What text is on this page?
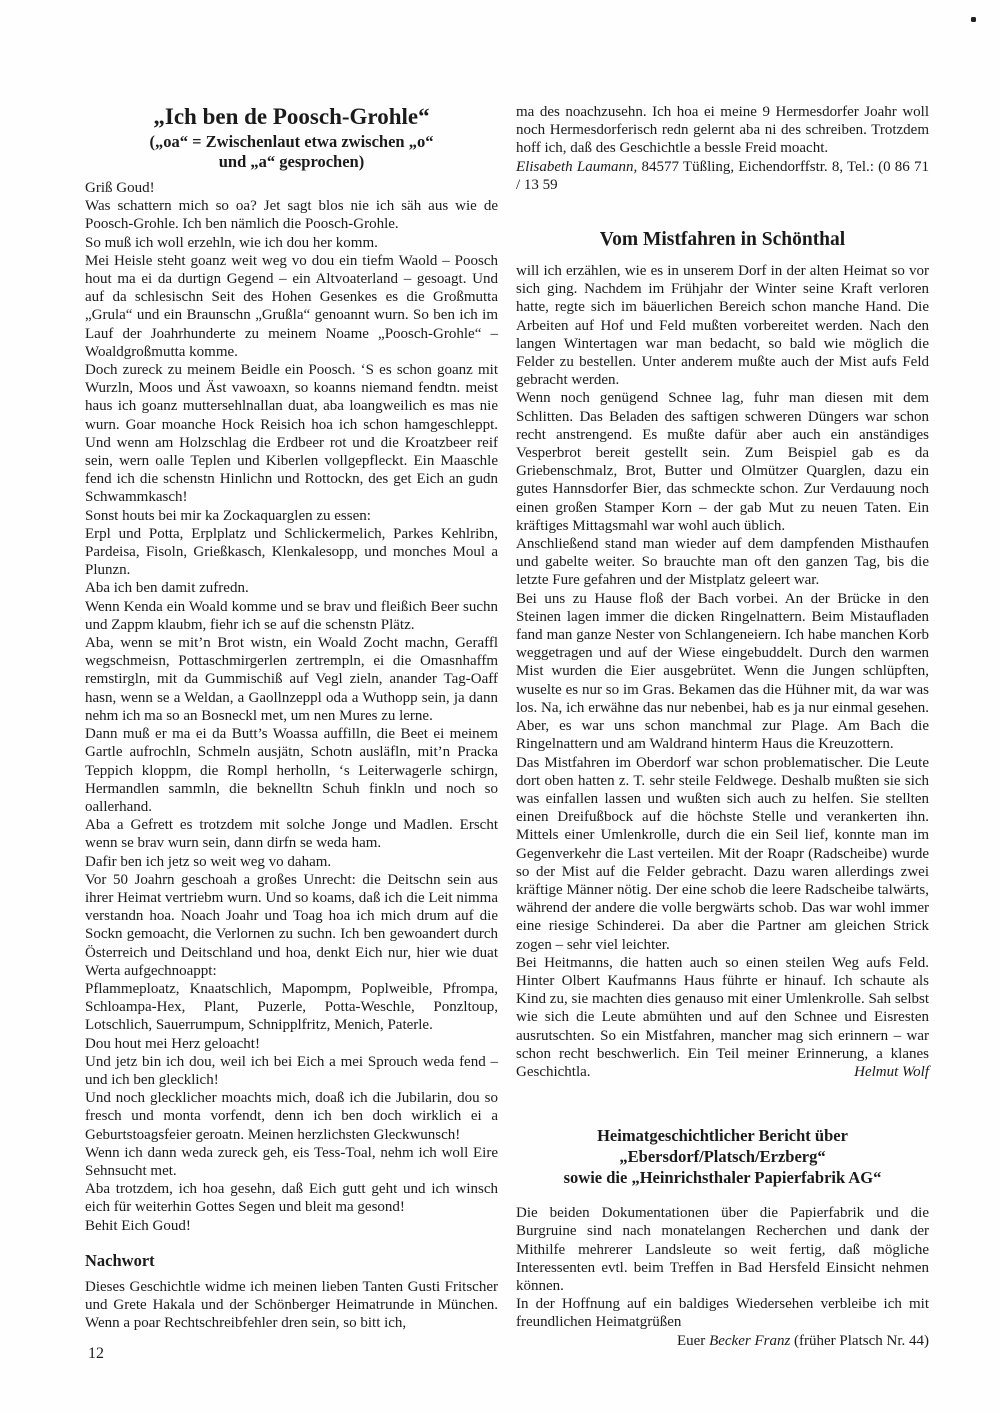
„Ich ben de Poosch-Grohle“
(„oa“ = Zwischenlaut etwa zwischen „o“
und „a“ gesprochen)
Griß Goud!
Was schattern mich so oa? Jet sagt blos nie ich säh aus wie de Poosch-Grohle. Ich ben nämlich die Poosch-Grohle.
So muß ich woll erzehln, wie ich dou her komm.
Mei Heisle steht goanz weit weg vo dou ein tiefm Waold – Poosch hout ma ei da durtign Gegend – ein Altvoaterland – gesoagt. Und auf da schlesischn Seit des Hohen Gesenkes es die Großmutta „Grula“ und ein Braunschn „Grußla“ genoannt wurn. So ben ich im Lauf der Joahrhunderte zu meinem Noame „Poosch-Grohle“ – Woaldgroßmutta komme.
Doch zureck zu meinem Beidle ein Poosch. ‘S es schon goanz mit Wurzln, Moos und Äst vawoaxn, so koanns niemand fendtn. meist haus ich goanz muttersehlnallan duat, aba loangweilich es mas nie wurn. Goar moanche Hock Reisich hoa ich schon hamgeschleppt. Und wenn am Holzschlag die Erdbeer rot und die Kroatzbeer reif sein, wern oalle Teplen und Kiberlen vollgepfleckt. Ein Maaschle fend ich die schenstn Hinlichn und Rottockn, des get Eich an gudn Schwammkasch!
Sonst houts bei mir ka Zockaquarglen zu essen:
Erpl und Potta, Erplplatz und Schlickermelich, Parkes Kehlribn, Pardeisa, Fisoln, Grießkasch, Klenkalesopp, und monches Moul a Plunzn.
Aba ich ben damit zufredn.
Wenn Kenda ein Woald komme und se brav und fleißich Beer suchn und Zappm klaubm, fiehr ich se auf die schenstn Plätz.
Aba, wenn se mit’n Brot wistn, ein Woald Zocht machn, Geraffl wegschmeisn, Pottaschmirgerlen zertrempln, ei die Omasnhaffm remstirgln, mit da Gummischiß auf Vegl zieln, anander Tag-Oaff hasn, wenn se a Weldan, a Gaollnzeppl oda a Wuthopp sein, ja dann nehm ich ma so an Bosneckl met, um nen Mures zu lerne.
Dann muß er ma ei da Butt’s Woassa auffilln, die Beet ei meinem Gartle aufrochln, Schmeln ausjätn, Schotn ausläfln, mit’n Pracka Teppich kloppm, die Rompl herholln, ‘s Leiterwagerle schirgn, Hermandlen sammln, die beknelltn Schuh finkln und noch so oallerhand.
Aba a Gefrett es trotzdem mit solche Jonge und Madlen. Erscht wenn se brav wurn sein, dann dirfn se weda ham.
Dafir ben ich jetz so weit weg vo daham.
Vor 50 Joahrn geschoah a großes Unrecht: die Deitschn sein aus ihrer Heimat vertriebm wurn. Und so koams, daß ich die Leit nimma verstandn hoa. Noach Joahr und Toag hoa ich mich drum auf die Sockn gemoacht, die Verlornen zu suchn. Ich ben gewoandert durch Österreich und Deitschland und hoa, denkt Eich nur, hier wie duat Werta aufgechnoappt:
Pflammeploatz, Knaatschlich, Mapompm, Poplweible, Pfrompa, Schloampa-Hex, Plant, Puzerle, Potta-Weschle, Ponzltoup, Lotschlich, Sauerrumpum, Schnipplfritz, Menich, Paterle.
Dou hout mei Herz geloacht!
Und jetz bin ich dou, weil ich bei Eich a mei Sprouch weda fend – und ich ben glecklich!
Und noch glecklicher moachts mich, doaß ich die Jubilarin, dou so fresch und monta vorfendt, denn ich ben doch wirklich ei a Geburtstoagsfeier geroatn. Meinen herzlichsten Gleckwunsch!
Wenn ich dann weda zureck geh, eis Tess-Toal, nehm ich woll Eire Sehnsucht met.
Aba trotzdem, ich hoa gesehn, daß Eich gutt geht und ich winsch eich für weiterhin Gottes Segen und bleit ma gesond!
Behit Eich Goud!
Nachwort
Dieses Geschichtle widme ich meinen lieben Tanten Gusti Fritscher und Grete Hakala und der Schönberger Heimatrunde in München. Wenn a poar Rechtschreibfehler dren sein, so bitt ich,
ma des noachzusehn. Ich hoa ei meine 9 Hermesdorfer Joahr woll noch Hermesdorferisch redn gelernt aba ni des schreiben. Trotzdem hoff ich, daß des Geschichtle a bessle Freid moacht.
Elisabeth Laumann, 84577 Tüßling, Eichendorffstr. 8, Tel.: (0 86 71 / 13 59
Vom Mistfahren in Schönthal
will ich erzählen, wie es in unserem Dorf in der alten Heimat so vor sich ging. Nachdem im Frühjahr der Winter seine Kraft verloren hatte, regte sich im bäuerlichen Bereich schon manche Hand. Die Arbeiten auf Hof und Feld mußten vorbereitet werden. Nach den langen Wintertagen war man bedacht, so bald wie möglich die Felder zu bestellen. Unter anderem mußte auch der Mist aufs Feld gebracht werden.
Wenn noch genügend Schnee lag, fuhr man diesen mit dem Schlitten. Das Beladen des saftigen schweren Düngers war schon recht anstrengend. Es mußte dafür aber auch ein anständiges Vesperbrot bereit gestellt sein. Zum Beispiel gab es da Griebenschmalz, Brot, Butter und Olmützer Quarglen, dazu ein gutes Hannsdorfer Bier, das schmeckte schon. Zur Verdauung noch einen großen Stamper Korn – der gab Mut zu neuen Taten. Ein kräftiges Mittagsmahl war wohl auch üblich.
Anschließend stand man wieder auf dem dampfenden Misthaufen und gabelte weiter. So brauchte man oft den ganzen Tag, bis die letzte Fure gefahren und der Mistplatz geleert war.
Bei uns zu Hause floß der Bach vorbei. An der Brücke in den Steinen lagen immer die dicken Ringelnattern. Beim Mistaufladen fand man ganze Nester von Schlangeneiern. Ich habe manchen Korb weggetragen und auf der Wiese eingebuddelt. Durch den warmen Mist wurden die Eier ausgebrütet. Wenn die Jungen schlüpften, wuselte es nur so im Gras. Bekamen das die Hühner mit, da war was los. Na, ich erwähne das nur nebenbei, hab es ja nur einmal gesehen. Aber, es war uns schon manchmal zur Plage. Am Bach die Ringelnattern und am Waldrand hinterm Haus die Kreuzottern.
Das Mistfahren im Oberdorf war schon problematischer. Die Leute dort oben hatten z. T. sehr steile Feldwege. Deshalb mußten sie sich was einfallen lassen und wußten sich auch zu helfen. Sie stellten einen Dreifußbock auf die höchste Stelle und verankerten ihn. Mittels einer Umlenkrolle, durch die ein Seil lief, konnte man im Gegenverkehr die Last verteilen. Mit der Roapr (Radscheibe) wurde so der Mist auf die Felder gebracht. Dazu waren allerdings zwei kräftige Männer nötig. Der eine schob die leere Radscheibe talwärts, während der andere die volle bergwärts schob. Das war wohl immer eine riesige Schinderei. Da aber die Partner am gleichen Strick zogen – sehr viel leichter.
Bei Heitmanns, die hatten auch so einen steilen Weg aufs Feld. Hinter Olbert Kaufmanns Haus führte er hinauf. Ich schaute als Kind zu, sie machten dies genauso mit einer Umlenkrolle. Sah selbst wie sich die Leute abmühten und auf den Schnee und Eisresten ausrutschten. So ein Mistfahren, mancher mag sich erinnern – war schon recht beschwerlich. Ein Teil meiner Erinnerung, a klanes Geschichtla.	Helmut Wolf
Heimatgeschichtlicher Bericht über
„Ebersdorf/Platsch/Erzberg“
sowie die „Heinrichsthaler Papierfabrik AG“
Die beiden Dokumentationen über die Papierfabrik und die Burgruine sind nach monatelangen Recherchen und dank der Mithilfe mehrerer Landsleute so weit fertig, daß mögliche Interessenten evtl. beim Treffen in Bad Hersfeld Einsicht nehmen können.
In der Hoffnung auf ein baldiges Wiedersehen verbleibe ich mit freundlichen Heimatgrüßen
Euer Becker Franz (früher Platsch Nr. 44)
12
